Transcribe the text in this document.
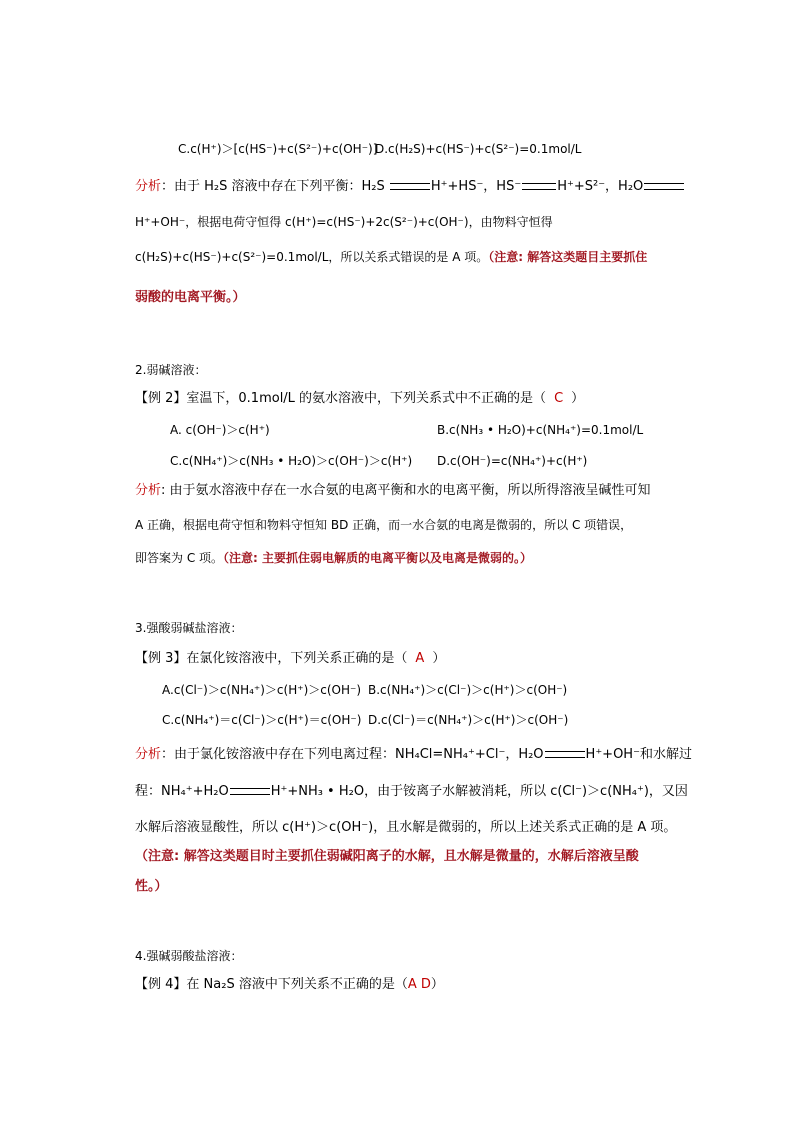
C.c(H⁺)＞[c(HS⁻)+c(S²⁻)+c(OH⁻)]
D.c(H₂S)+c(HS⁻)+c(S²⁻)=0.1mol/L
分析：由于 H₂S 溶液中存在下列平衡：H₂S	H⁺+HS⁻，HS⁻	H⁺+S²⁻，H₂O
H⁺+OH⁻，根据电荷守恒得 c(H⁺)=c(HS⁻)+2c(S²⁻)+c(OH⁻)，由物料守恒得
c(H₂S)+c(HS⁻)+c(S²⁻)=0.1mol/L，所以关系式错误的是 A 项。（注意: 解答这类题目主要抓住
弱酸的电离平衡。）
2.弱碱溶液：
【例 2】室温下，0.1mol/L 的氨水溶液中，下列关系式中不正确的是（ C ）
A. c(OH⁻)＞c(H⁺)	B.c(NH₃ • H₂O)+c(NH₄⁺)=0.1mol/L
C.c(NH₄⁺)＞c(NH₃ • H₂O)＞c(OH⁻)＞c(H⁺) D.c(OH⁻)=c(NH₄⁺)+c(H⁺)
分析: 由于氨水溶液中存在一水合氨的电离平衡和水的电离平衡，所以所得溶液呈碱性可知
A 正确，根据电荷守恒和物料守恒知 BD 正确，而一水合氨的电离是微弱的，所以 C 项错误，
即答案为 C 项。（注意: 主要抓住弱电解质的电离平衡以及电离是微弱的。）
3.强酸弱碱盐溶液：
【例 3】在氯化铵溶液中，下列关系正确的是（ A ）
A.c(Cl⁻)＞c(NH₄⁺)＞c(H⁺)＞c(OH⁻) B.c(NH₄⁺)＞c(Cl⁻)＞c(H⁺)＞c(OH⁻)
C.c(NH₄⁺)＝c(Cl⁻)＞c(H⁺)＝c(OH⁻) D.c(Cl⁻)＝c(NH₄⁺)＞c(H⁺)＞c(OH⁻)
分析：由于氯化铵溶液中存在下列电离过程：NH₄Cl=NH₄⁺+Cl⁻，H₂O	H⁺+OH⁻和水解过
程：NH₄⁺+H₂O	H⁺+NH₃ • H₂O，由于铵离子水解被消耗，所以 c(Cl⁻)＞c(NH₄⁺)，又因
水解后溶液显酸性，所以 c(H⁺)＞c(OH⁻)，且水解是微弱的，所以上述关系式正确的是 A 项。
（注意: 解答这类题目时主要抓住弱碱阳离子的水解，且水解是微量的，水解后溶液呈酸
性。）
4.强碱弱酸盐溶液：
【例 4】在 Na₂S 溶液中下列关系不正确的是（A D）
